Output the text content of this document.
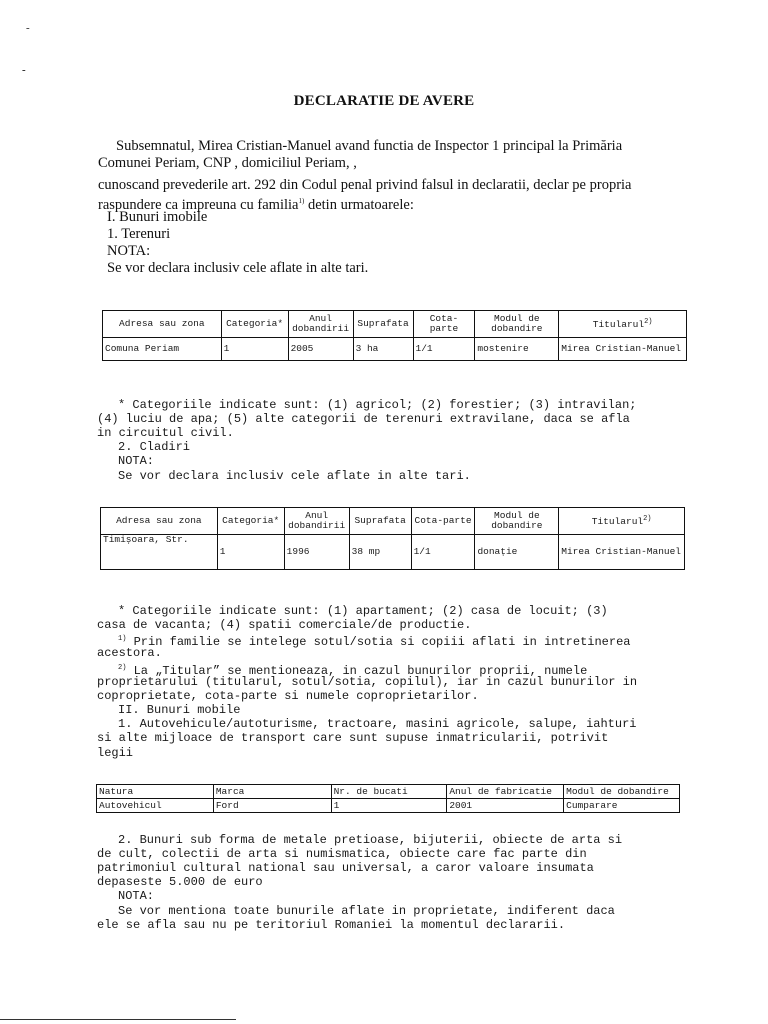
-
-
DECLARATIE DE AVERE
Subsemnatul, Mirea Cristian-Manuel avand functia de Inspector 1 principal la Primăria
Comunei Periam, CNP , domiciliul Periam, ,
cunoscand prevederile art. 292 din Codul penal privind falsul in declaratii, declar pe propria
raspundere ca impreuna cu familia$^{1)}$ detin urmatoarele:
I. Bunuri imobile
1. Terenuri
NOTA:
Se vor declara inclusiv cele aflate in alte tari.
Adresa sau zona	Categoria*	Anul dobandirii	Suprafata	Cota-parte	Modul de dobandire	Titularul$^{2)}$
Comuna Periam	1	2005	3 ha	1/1	mostenire	Mirea Cristian-Manuel
* Categoriile indicate sunt: (1) agricol; (2) forestier; (3) intravilan;
(4) luciu de apa; (5) alte categorii de terenuri extravilane, daca se afla
in circuitul civil.
2. Cladiri
NOTA:
Se vor declara inclusiv cele aflate in alte tari.
Adresa sau zona	Categoria*	Anul dobandirii	Suprafata	Cota-parte	Modul de dobandire	Titularul$^{2)}$
Timișoara, Str.	1	1996	38 mp	1/1	donație	Mirea Cristian-Manuel
* Categoriile indicate sunt: (1) apartament; (2) casa de locuit; (3)
casa de vacanta; (4) spatii comerciale/de productie.
$^{1)}$ Prin familie se intelege sotul/sotia si copiii aflati in intretinerea
acestora.
$^{2)}$ La „Titular” se mentioneaza, in cazul bunurilor proprii, numele
proprietarului (titularul, sotul/sotia, copilul), iar in cazul bunurilor in
coproprietate, cota-parte si numele coproprietarilor.
II. Bunuri mobile
1. Autovehicule/autoturisme, tractoare, masini agricole, salupe, iahturi
si alte mijloace de transport care sunt supuse inmatricularii, potrivit
legii
Natura	Marca	Nr. de bucati	Anul de fabricatie	Modul de dobandire
Autovehicul	Ford	1	2001	Cumparare
2. Bunuri sub forma de metale pretioase, bijuterii, obiecte de arta si
de cult, colectii de arta si numismatica, obiecte care fac parte din
patrimoniul cultural national sau universal, a caror valoare insumata
depaseste 5.000 de euro
NOTA:
Se vor mentiona toate bunurile aflate in proprietate, indiferent daca
ele se afla sau nu pe teritoriul Romaniei la momentul declararii.
